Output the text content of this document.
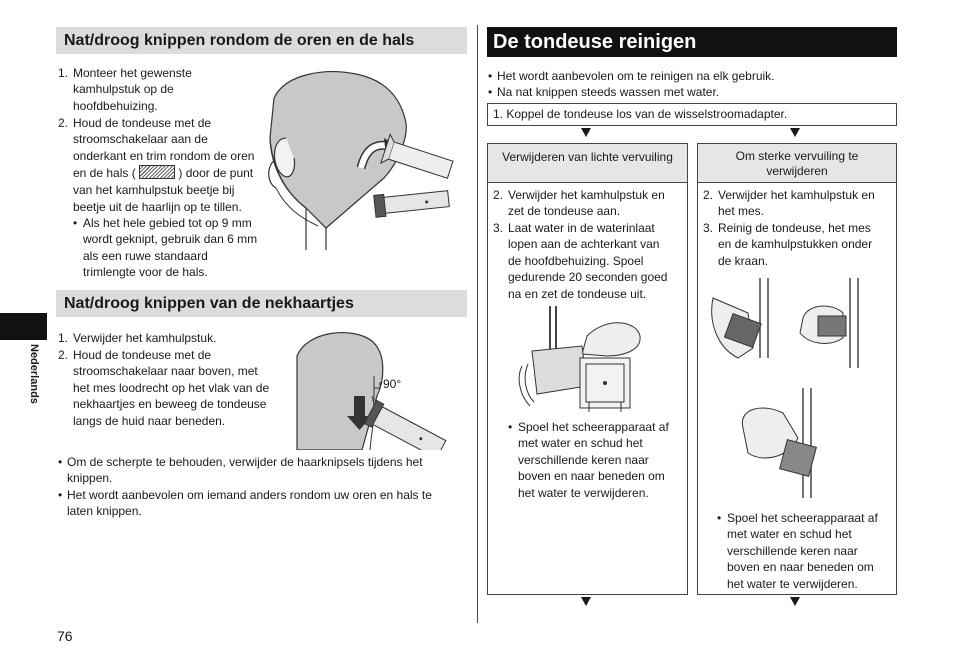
Nat/droog knippen rondom de oren en de hals
1. Monteer het gewenste
kamhulpstuk op de
hoofdbehuizing.
2. Houd de tondeuse met de
stroomschakelaar aan de
onderkant en trim rondom de oren
en de hals (	) door de punt
van het kamhulpstuk beetje bij
beetje uit de haarlijn op te tillen.
• Als het hele gebied tot op 9 mm
wordt geknipt, gebruik dan 6 mm
als een ruwe standaard
trimlengte voor de hals.
Nat/droog knippen van de nekhaartjes
1. Verwijder het kamhulpstuk.
2. Houd de tondeuse met de
stroomschakelaar naar boven, met
het mes loodrecht op het vlak van de
nekhaartjes en beweeg de tondeuse
langs de huid naar beneden.
90°
• Om de scherpte te behouden, verwijder de haarknipsels tijdens het
knippen.
• Het wordt aanbevolen om iemand anders rondom uw oren en hals te
laten knippen.
Nederlands
76
De tondeuse reinigen
• Het wordt aanbevolen om te reinigen na elk gebruik.
• Na nat knippen steeds wassen met water.
1. Koppel de tondeuse los van de wisselstroomadapter.
Verwijderen van lichte vervuiling
2. Verwijder het kamhulpstuk en
zet de tondeuse aan.
3. Laat water in de waterinlaat
lopen aan de achterkant van
de hoofdbehuizing. Spoel
gedurende 20 seconden goed
na en zet de tondeuse uit.
• Spoel het scheerapparaat af
met water en schud het
verschillende keren naar
boven en naar beneden om
het water te verwijderen.
Om sterke vervuiling te
verwijderen
2. Verwijder het kamhulpstuk en
het mes.
3. Reinig de tondeuse, het mes
en de kamhulpstukken onder
de kraan.
• Spoel het scheerapparaat af
met water en schud het
verschillende keren naar
boven en naar beneden om
het water te verwijderen.
